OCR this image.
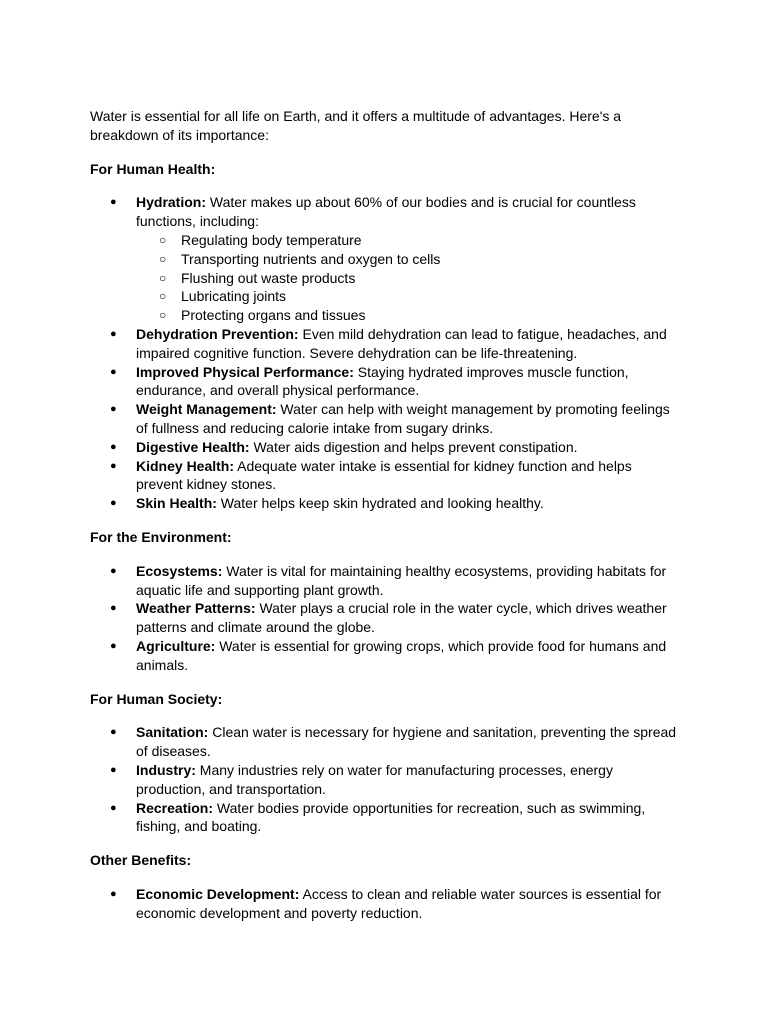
Water is essential for all life on Earth, and it offers a multitude of advantages. Here's a breakdown of its importance:

For Human Health:

● Hydration: Water makes up about 60% of our bodies and is crucial for countless functions, including:
○ Regulating body temperature
○ Transporting nutrients and oxygen to cells
○ Flushing out waste products
○ Lubricating joints
○ Protecting organs and tissues
● Dehydration Prevention: Even mild dehydration can lead to fatigue, headaches, and impaired cognitive function. Severe dehydration can be life-threatening.
● Improved Physical Performance: Staying hydrated improves muscle function, endurance, and overall physical performance.
● Weight Management: Water can help with weight management by promoting feelings of fullness and reducing calorie intake from sugary drinks.
● Digestive Health: Water aids digestion and helps prevent constipation.
● Kidney Health: Adequate water intake is essential for kidney function and helps prevent kidney stones.
● Skin Health: Water helps keep skin hydrated and looking healthy.

For the Environment:

● Ecosystems: Water is vital for maintaining healthy ecosystems, providing habitats for aquatic life and supporting plant growth.
● Weather Patterns: Water plays a crucial role in the water cycle, which drives weather patterns and climate around the globe.
● Agriculture: Water is essential for growing crops, which provide food for humans and animals.

For Human Society:

● Sanitation: Clean water is necessary for hygiene and sanitation, preventing the spread of diseases.
● Industry: Many industries rely on water for manufacturing processes, energy production, and transportation.
● Recreation: Water bodies provide opportunities for recreation, such as swimming, fishing, and boating.

Other Benefits:

● Economic Development: Access to clean and reliable water sources is essential for economic development and poverty reduction.
